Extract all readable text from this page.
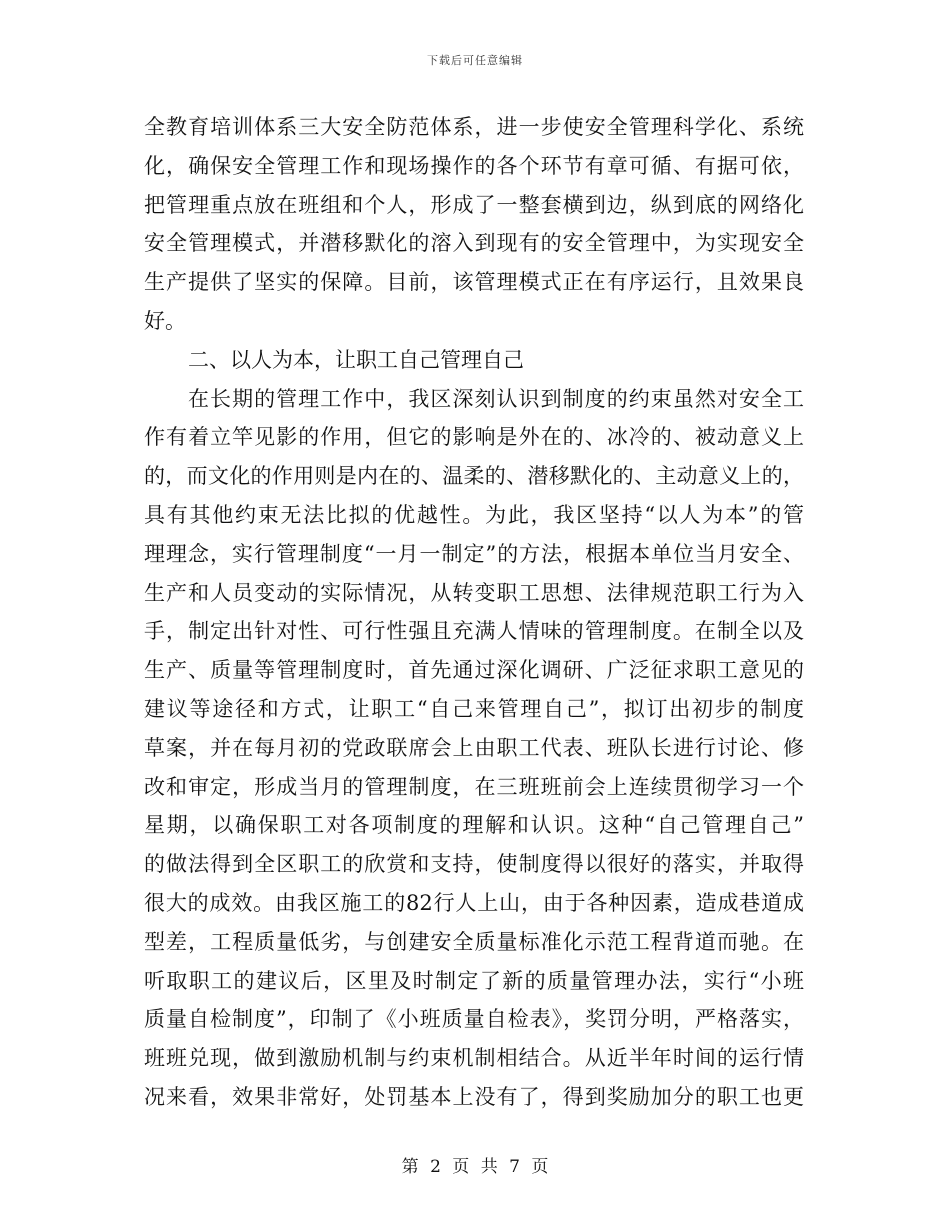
下载后可任意编辑
全教育培训体系三大安全防范体系，进一步使安全管理科学化、系统
化，确保安全管理工作和现场操作的各个环节有章可循、有据可依，
把管理重点放在班组和个人，形成了一整套横到边，纵到底的网络化
安全管理模式，并潜移默化的溶入到现有的安全管理中，为实现安全
生产提供了坚实的保障。目前，该管理模式正在有序运行，且效果良
好。
二、以人为本，让职工自己管理自己
在长期的管理工作中，我区深刻认识到制度的约束虽然对安全工
作有着立竿见影的作用，但它的影响是外在的、冰冷的、被动意义上
的，而文化的作用则是内在的、温柔的、潜移默化的、主动意义上的，
具有其他约束无法比拟的优越性。为此，我区坚持“以人为本”的管
理理念，实行管理制度“一月一制定”的方法，根据本单位当月安全、
生产和人员变动的实际情况，从转变职工思想、法律规范职工行为入
手，制定出针对性、可行性强且充满人情味的管理制度。在制全以及
生产、质量等管理制度时，首先通过深化调研、广泛征求职工意见的
建议等途径和方式，让职工“自己来管理自己”，拟订出初步的制度
草案，并在每月初的党政联席会上由职工代表、班队长进行讨论、修
改和审定，形成当月的管理制度，在三班班前会上连续贯彻学习一个
星期，以确保职工对各项制度的理解和认识。这种“自己管理自己”
的做法得到全区职工的欣赏和支持，使制度得以很好的落实，并取得
很大的成效。由我区施工的82行人上山，由于各种因素，造成巷道成
型差，工程质量低劣，与创建安全质量标准化示范工程背道而驰。在
听取职工的建议后，区里及时制定了新的质量管理办法，实行“小班
质量自检制度”，印制了《小班质量自检表》，奖罚分明，严格落实，
班班兑现，做到激励机制与约束机制相结合。从近半年时间的运行情
况来看，效果非常好，处罚基本上没有了，得到奖励加分的职工也更
第 2 页 共 7 页
